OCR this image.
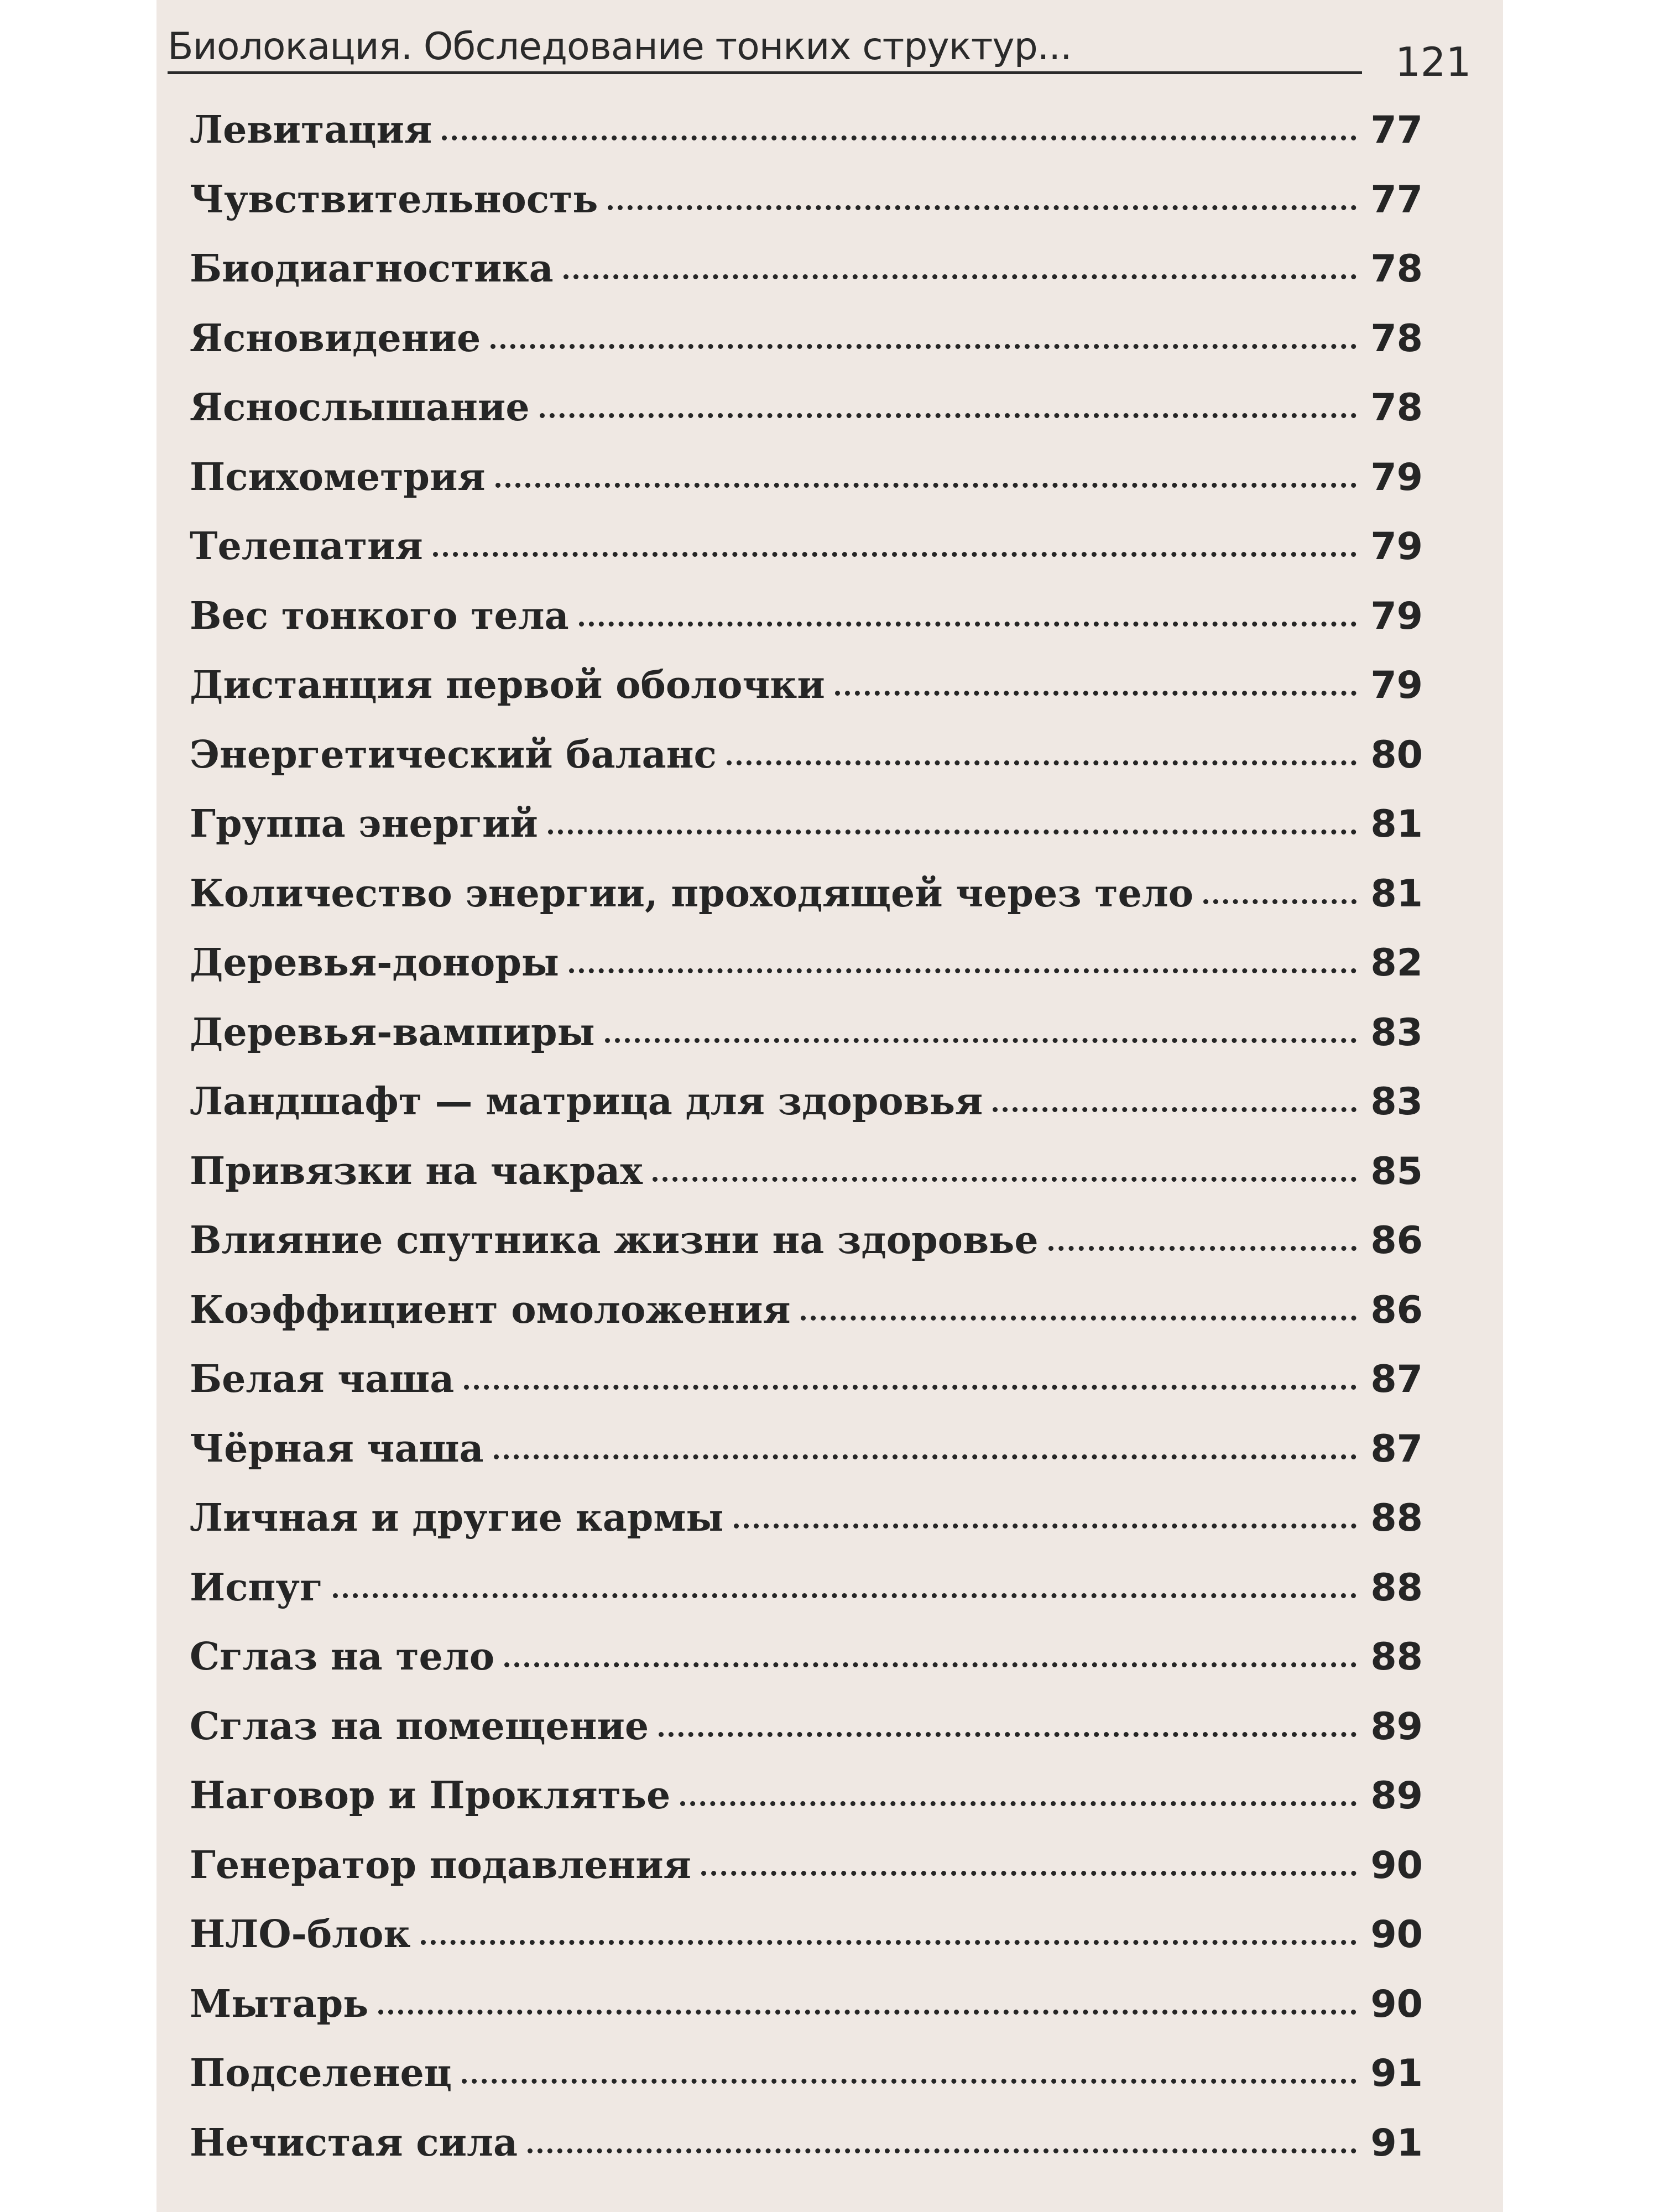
Биолокация. Обследование тонких структур...	121
Левитация	77
Чувствительность	77
Биодиагностика	78
Ясновидение	78
Яснослышание	78
Психометрия	79
Телепатия	79
Вес тонкого тела	79
Дистанция первой оболочки	79
Энергетический баланс	80
Группа энергий	81
Количество энергии, проходящей через тело	81
Деревья-доноры	82
Деревья-вампиры	83
Ландшафт — матрица для здоровья	83
Привязки на чакрах	85
Влияние спутника жизни на здоровье	86
Коэффициент омоложения	86
Белая чаша	87
Чёрная чаша	87
Личная и другие кармы	88
Испуг	88
Сглаз на тело	88
Сглаз на помещение	89
Наговор и Проклятье	89
Генератор подавления	90
НЛО-блок	90
Мытарь	90
Подселенец	91
Нечистая сила	91
